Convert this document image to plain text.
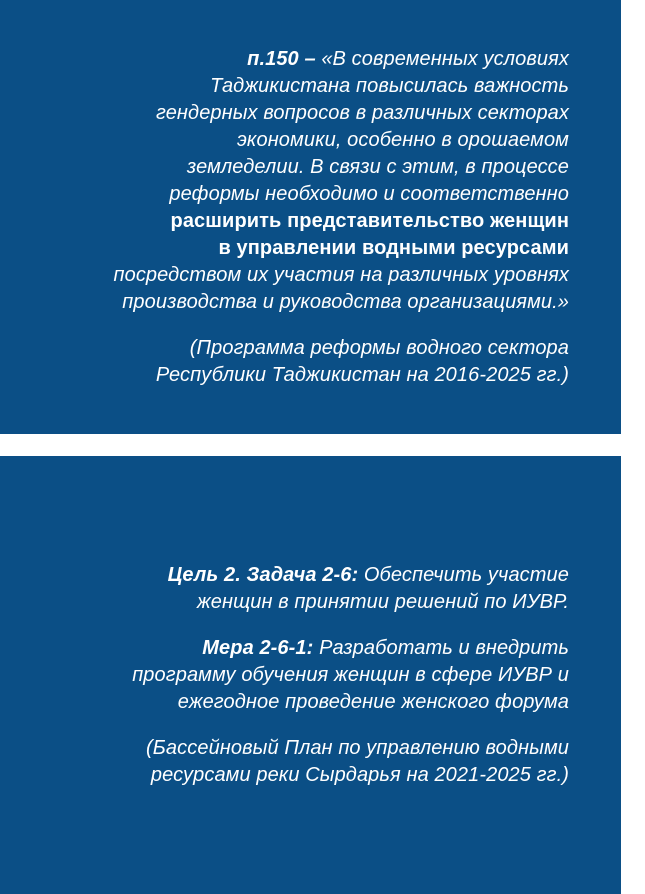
п.150 – «В современных условиях
Таджикистана повысилась важность
гендерных вопросов в различных секторах
экономики, особенно в орошаемом
земледелии. В связи с этим, в процессе
реформы необходимо и соответственно
расширить представительство женщин
в управлении водными ресурсами
посредством их участия на различных уровнях
производства и руководства организациями.»

(Программа реформы водного сектора
Республики Таджикистан на 2016-2025 гг.)

Цель 2. Задача 2-6: Обеспечить участие
женщин в принятии решений по ИУВР.

Мера 2-6-1: Разработать и внедрить
программу обучения женщин в сфере ИУВР и
ежегодное проведение женского форума

(Бассейновый План по управлению водными
ресурсами реки Сырдарья на 2021-2025 гг.)
